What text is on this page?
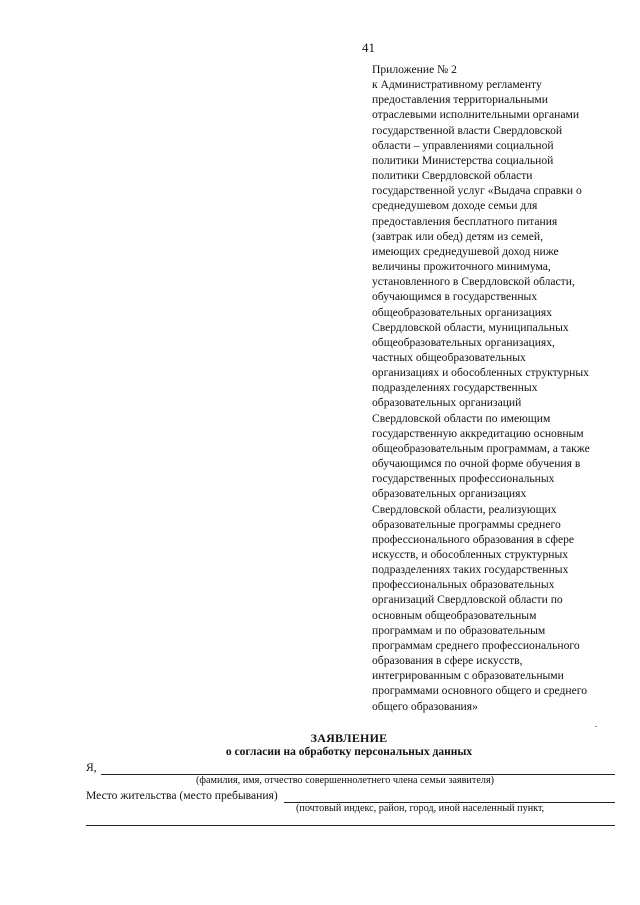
41
Приложение № 2
к Административному регламенту
предоставления территориальными
отраслевыми исполнительными органами
государственной власти Свердловской
области – управлениями социальной
политики Министерства социальной
политики Свердловской области
государственной услуг «Выдача справки о
среднедушевом доходе семьи для
предоставления бесплатного питания
(завтрак или обед) детям из семей,
имеющих среднедушевой доход ниже
величины прожиточного минимума,
установленного в Свердловской области,
обучающимся в государственных
общеобразовательных организациях
Свердловской области, муниципальных
общеобразовательных организациях,
частных общеобразовательных
организациях и обособленных структурных
подразделениях государственных
образовательных организаций
Свердловской области по имеющим
государственную аккредитацию основным
общеобразовательным программам, а также
обучающимся по очной форме обучения в
государственных профессиональных
образовательных организациях
Свердловской области, реализующих
образовательные программы среднего
профессионального образования в сфере
искусств, и обособленных структурных
подразделениях таких государственных
профессиональных образовательных
организаций Свердловской области по
основным общеобразовательным
программам и по образовательным
программам среднего профессионального
образования в сфере искусств,
интегрированным с образовательными
программами основного общего и среднего
общего образования»
ЗАЯВЛЕНИЕ
о согласии на обработку персональных данных
Я,
(фамилия, имя, отчество совершеннолетнего члена семьи заявителя)
Место жительства (место пребывания)
(почтовый индекс, район, город, иной населенный пункт,
